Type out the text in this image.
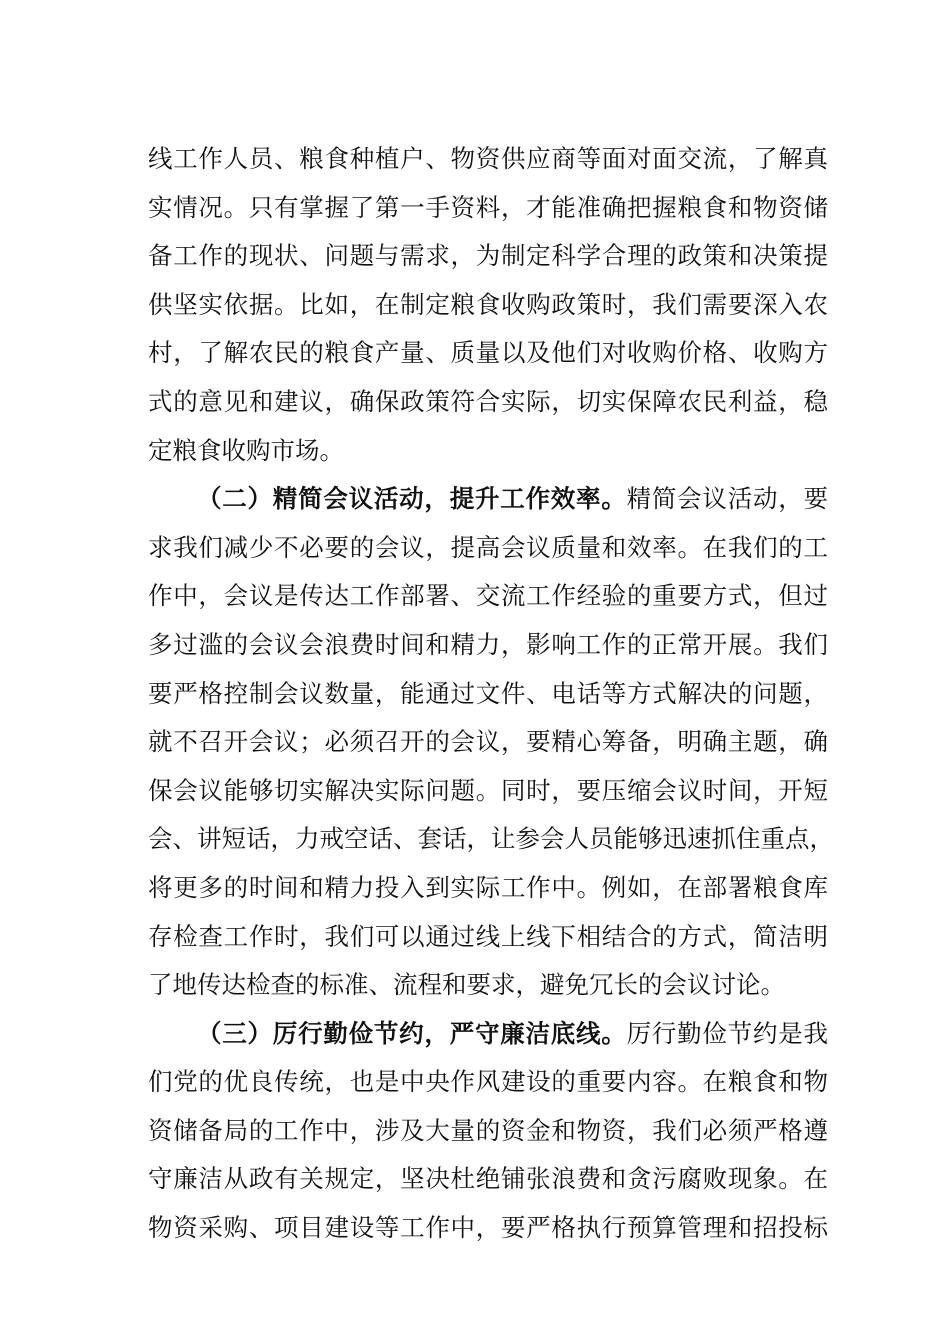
线工作人员、粮食种植户、物资供应商等面对面交流，了解真
实情况。只有掌握了第一手资料，才能准确把握粮食和物资储
备工作的现状、问题与需求，为制定科学合理的政策和决策提
供坚实依据。比如，在制定粮食收购政策时，我们需要深入农
村，了解农民的粮食产量、质量以及他们对收购价格、收购方
式的意见和建议，确保政策符合实际，切实保障农民利益，稳
定粮食收购市场。
（二）精简会议活动，提升工作效率。精简会议活动，要
求我们减少不必要的会议，提高会议质量和效率。在我们的工
作中，会议是传达工作部署、交流工作经验的重要方式，但过
多过滥的会议会浪费时间和精力，影响工作的正常开展。我们
要严格控制会议数量，能通过文件、电话等方式解决的问题，
就不召开会议；必须召开的会议，要精心筹备，明确主题，确
保会议能够切实解决实际问题。同时，要压缩会议时间，开短
会、讲短话，力戒空话、套话，让参会人员能够迅速抓住重点，
将更多的时间和精力投入到实际工作中。例如，在部署粮食库
存检查工作时，我们可以通过线上线下相结合的方式，简洁明
了地传达检查的标准、流程和要求，避免冗长的会议讨论。
（三）厉行勤俭节约，严守廉洁底线。厉行勤俭节约是我
们党的优良传统，也是中央作风建设的重要内容。在粮食和物
资储备局的工作中，涉及大量的资金和物资，我们必须严格遵
守廉洁从政有关规定，坚决杜绝铺张浪费和贪污腐败现象。在
物资采购、项目建设等工作中，要严格执行预算管理和招投标
